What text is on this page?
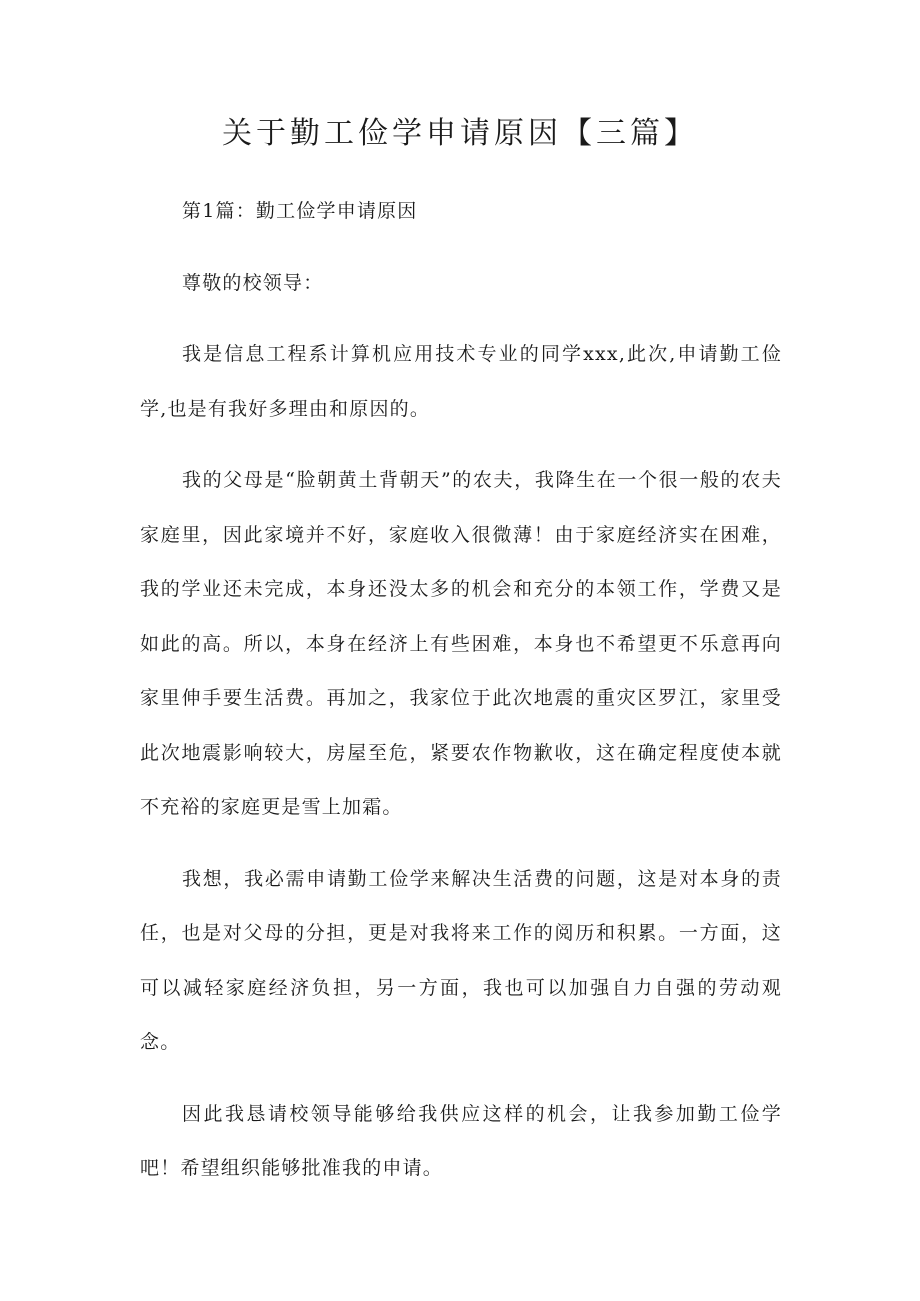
关于勤工俭学申请原因【三篇】

第1篇：勤工俭学申请原因

尊敬的校领导：

我是信息工程系计算机应用技术专业的同学xxx,此次,申请勤工俭学,也是有我好多理由和原因的。

我的父母是“脸朝黄土背朝天”的农夫，我降生在一个很一般的农夫家庭里，因此家境并不好，家庭收入很微薄！由于家庭经济实在困难，我的学业还未完成，本身还没太多的机会和充分的本领工作，学费又是如此的高。所以，本身在经济上有些困难，本身也不希望更不乐意再向家里伸手要生活费。再加之，我家位于此次地震的重灾区罗江，家里受此次地震影响较大，房屋至危，紧要农作物歉收，这在确定程度使本就不充裕的家庭更是雪上加霜。

我想，我必需申请勤工俭学来解决生活费的问题，这是对本身的责任，也是对父母的分担，更是对我将来工作的阅历和积累。一方面，这可以减轻家庭经济负担，另一方面，我也可以加强自力自强的劳动观念。

因此我恳请校领导能够给我供应这样的机会，让我参加勤工俭学吧！希望组织能够批准我的申请。
